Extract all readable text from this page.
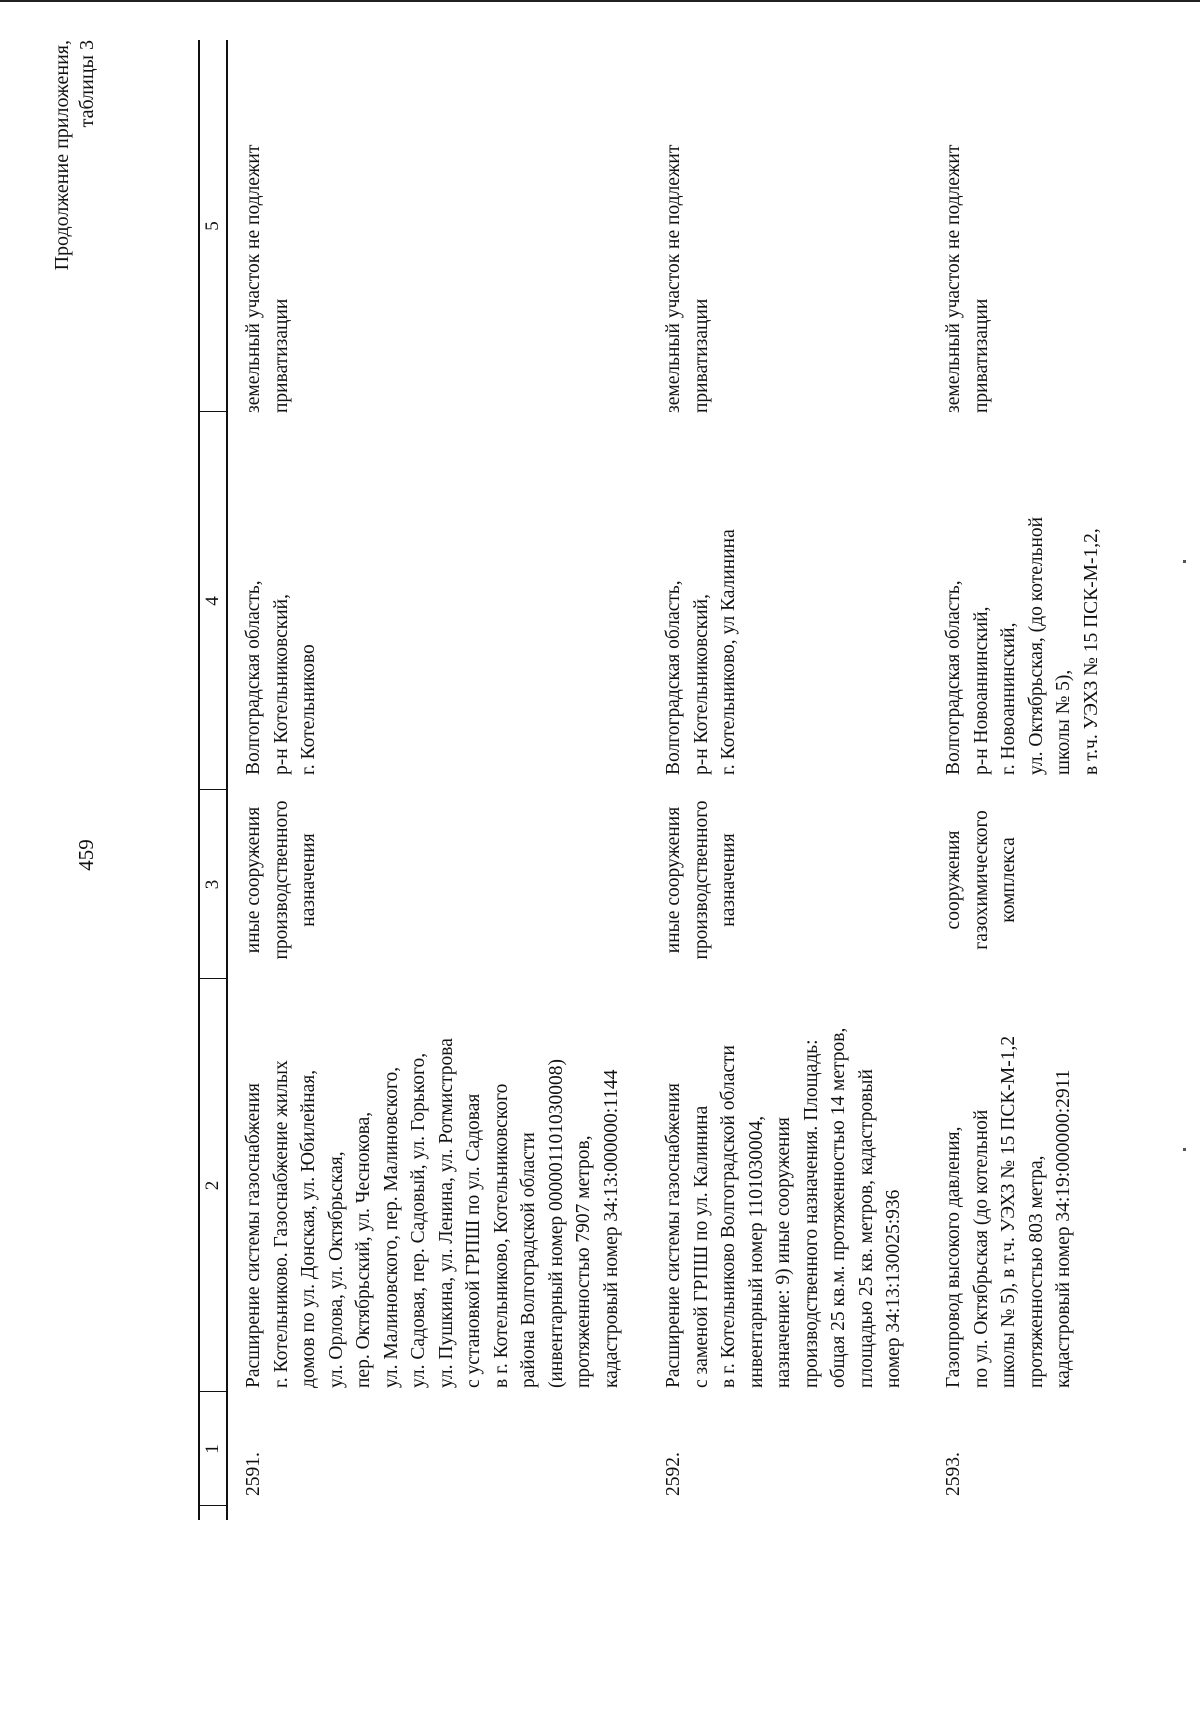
459
Продолжение приложения, таблицы 3
1
2
3
4
5
2591.
Расширение системы газоснабжения
г. Котельниково. Газоснабжение жилых
домов по ул. Донская, ул. Юбилейная,
ул. Орлова, ул. Октябрьская,
пер. Октябрьский, ул. Чеснокова,
ул. Малиновского, пер. Малиновского,
ул. Садовая, пер. Садовый, ул. Горького,
ул. Пушкина, ул. Ленина, ул. Ротмистрова
с установкой ГРПШ по ул. Садовая
в г. Котельниково, Котельниковского
района Волгоградской области
(инвентарный номер 000001101030008)
протяженностью 7907 метров,
кадастровый номер 34:13:000000:1144
иные сооружения
производственного
назначения
Волгоградская область,
р-н Котельниковский,
г. Котельниково
земельный участок не подлежит
приватизации
2592.
Расширение системы газоснабжения
с заменой ГРПШ по ул. Калинина
в г. Котельниково Волгоградской области
инвентарный номер 1101030004,
назначение: 9) иные сооружения
производственного назначения. Площадь:
общая 25 кв.м. протяженностью 14 метров,
площадью 25 кв. метров, кадастровый
номер 34:13:130025:936
иные сооружения
производственного
назначения
Волгоградская область,
р-н Котельниковский,
г. Котельниково, ул Калинина
земельный участок не подлежит
приватизации
2593.
Газопровод высокого давления,
по ул. Октябрьская (до котельной
школы № 5), в т.ч. УЭХЗ № 15 ПСК-М-1,2
протяженностью 803 метра,
кадастровый номер 34:19:000000:2911
сооружения
газохимического
комплекса
Волгоградская область,
р-н Новоаннинский,
г. Новоаннинский,
ул. Октябрьская, (до котельной
школы № 5),
в т.ч. УЭХЗ № 15 ПСК-М-1,2,
земельный участок не подлежит
приватизации
